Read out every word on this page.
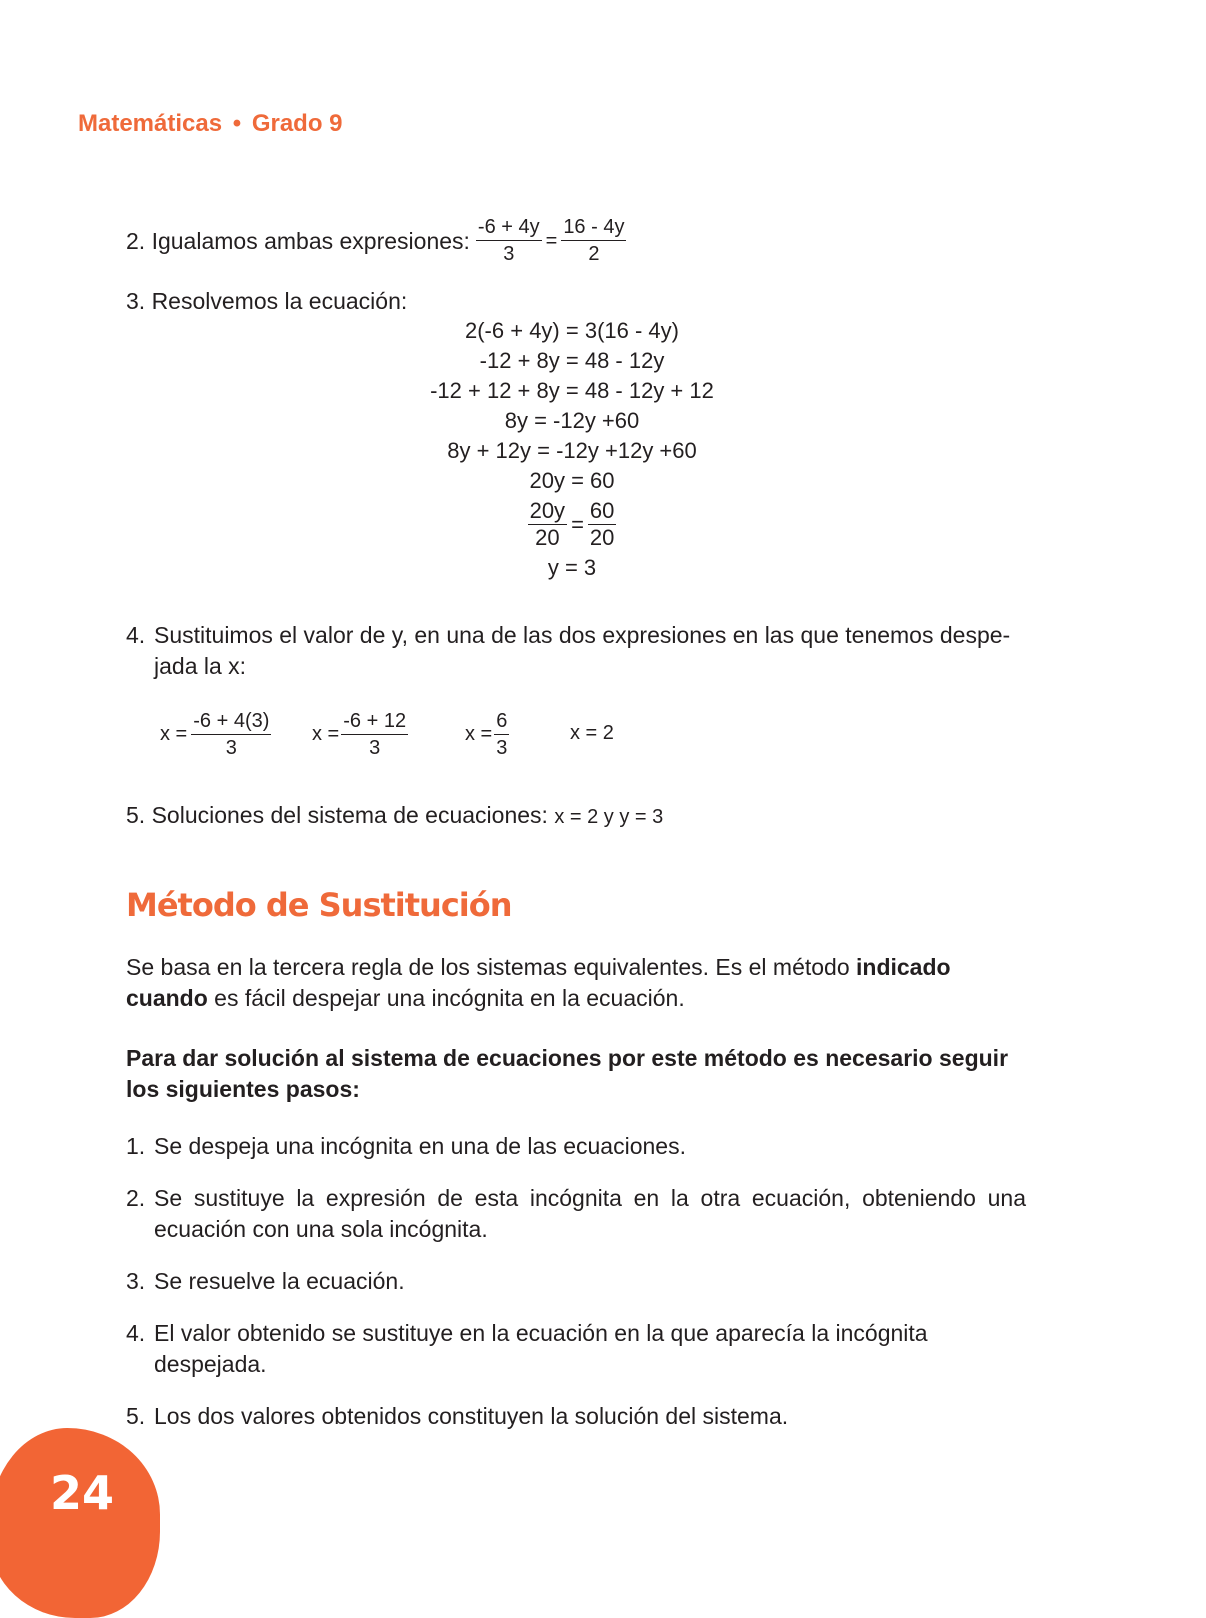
Matemáticas • Grado 9
2. Igualamos ambas expresiones: $\frac{-6 + 4y}{3} = \frac{16 - 4y}{2}$
3. Resolvemos la ecuación:
2(-6 + 4y) = 3(16 - 4y)
-12 + 8y = 48 - 12y
-12 + 12 + 8y = 48 - 12y + 12
8y = -12y +60
8y + 12y = -12y +12y +60
20y = 60
$\frac{20y}{20} = \frac{60}{20}$
y = 3
4. Sustituimos el valor de y, en una de las dos expresiones en las que tenemos despe-
jada la x:
$x = \frac{-6 + 4(3)}{3}$ $x = \frac{-6 + 12}{3}$	$x = \frac{6}{3}$	x = 2
5. Soluciones del sistema de ecuaciones: x = 2 y y = 3
Método de Sustitución
Se basa en la tercera regla de los sistemas equivalentes. Es el método indicado cuando es fácil despejar una incógnita en la ecuación.
Para dar solución al sistema de ecuaciones por este método es necesario seguir los siguientes pasos:
1. Se despeja una incógnita en una de las ecuaciones.
2. Se sustituye la expresión de esta incógnita en la otra ecuación, obteniendo una ecuación con una sola incógnita.
3. Se resuelve la ecuación.
4. El valor obtenido se sustituye en la ecuación en la que aparecía la incógnita despejada.
5. Los dos valores obtenidos constituyen la solución del sistema.
24
